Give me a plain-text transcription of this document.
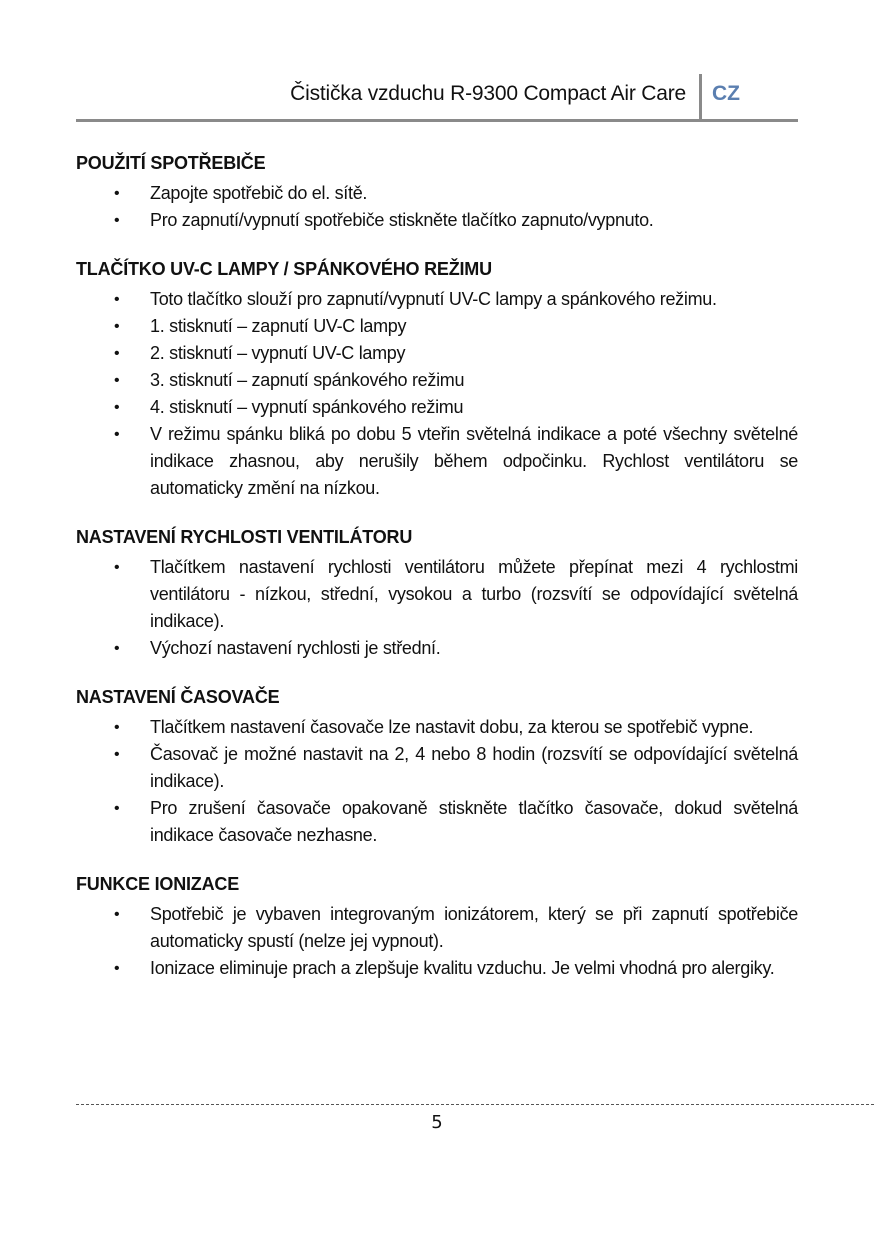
Čistička vzduchu R-9300 Compact Air Care CZ
POUŽITÍ SPOTŘEBIČE
• Zapojte spotřebič do el. sítě.
• Pro zapnutí/vypnutí spotřebiče stiskněte tlačítko zapnuto/vypnuto.
TLAČÍTKO UV-C LAMPY / SPÁNKOVÉHO REŽIMU
• Toto tlačítko slouží pro zapnutí/vypnutí UV-C lampy a spánkového režimu.
• 1. stisknutí – zapnutí UV-C lampy
• 2. stisknutí – vypnutí UV-C lampy
• 3. stisknutí – zapnutí spánkového režimu
• 4. stisknutí – vypnutí spánkového režimu
• V režimu spánku bliká po dobu 5 vteřin světelná indikace a poté všechny světelné indikace zhasnou, aby nerušily během odpočinku. Rychlost ventilátoru se automaticky změní na nízkou.
NASTAVENÍ RYCHLOSTI VENTILÁTORU
• Tlačítkem nastavení rychlosti ventilátoru můžete přepínat mezi 4 rychlostmi ventilátoru - nízkou, střední, vysokou a turbo (rozsvítí se odpovídající světelná indikace).
• Výchozí nastavení rychlosti je střední.
NASTAVENÍ ČASOVAČE
• Tlačítkem nastavení časovače lze nastavit dobu, za kterou se spotřebič vypne.
• Časovač je možné nastavit na 2, 4 nebo 8 hodin (rozsvítí se odpovídající světelná indikace).
• Pro zrušení časovače opakovaně stiskněte tlačítko časovače, dokud světelná indikace časovače nezhasne.
FUNKCE IONIZACE
• Spotřebič je vybaven integrovaným ionizátorem, který se při zapnutí spotřebiče automaticky spustí (nelze jej vypnout).
• Ionizace eliminuje prach a zlepšuje kvalitu vzduchu. Je velmi vhodná pro alergiky.
5
